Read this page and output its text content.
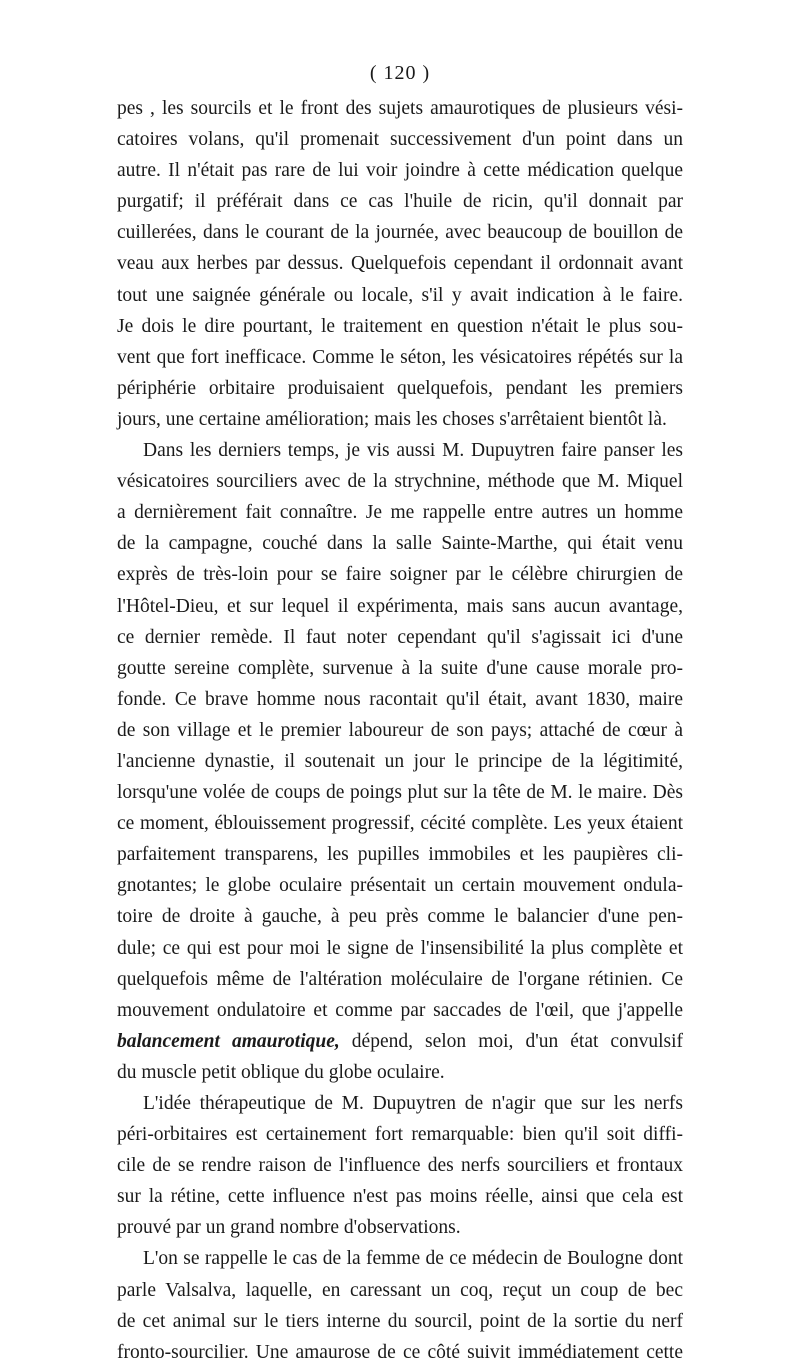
( 120 )
pes , les sourcils et le front des sujets amaurotiques de plusieurs vési-
catoires volans, qu'il promenait successivement d'un point dans un
autre. Il n'était pas rare de lui voir joindre à cette médication quelque
purgatif; il préférait dans ce cas l'huile de ricin, qu'il donnait par
cuillerées, dans le courant de la journée, avec beaucoup de bouillon de
veau aux herbes par dessus. Quelquefois cependant il ordonnait avant
tout une saignée générale ou locale, s'il y avait indication à le faire.
Je dois le dire pourtant, le traitement en question n'était le plus sou-
vent que fort inefficace. Comme le séton, les vésicatoires répétés sur la
périphérie orbitaire produisaient quelquefois, pendant les premiers
jours, une certaine amélioration; mais les choses s'arrêtaient bientôt là.
Dans les derniers temps, je vis aussi M. Dupuytren faire panser les
vésicatoires sourciliers avec de la strychnine, méthode que M. Miquel
a dernièrement fait connaître. Je me rappelle entre autres un homme
de la campagne, couché dans la salle Sainte-Marthe, qui était venu
exprès de très-loin pour se faire soigner par le célèbre chirurgien de
l'Hôtel-Dieu, et sur lequel il expérimenta, mais sans aucun avantage,
ce dernier remède. Il faut noter cependant qu'il s'agissait ici d'une
goutte sereine complète, survenue à la suite d'une cause morale pro-
fonde. Ce brave homme nous racontait qu'il était, avant 1830, maire
de son village et le premier laboureur de son pays; attaché de cœur à
l'ancienne dynastie, il soutenait un jour le principe de la légitimité,
lorsqu'une volée de coups de poings plut sur la tête de M. le maire. Dès
ce moment, éblouissement progressif, cécité complète. Les yeux étaient
parfaitement transparens, les pupilles immobiles et les paupières cli-
gnotantes; le globe oculaire présentait un certain mouvement ondula-
toire de droite à gauche, à peu près comme le balancier d'une pen-
dule; ce qui est pour moi le signe de l'insensibilité la plus complète et
quelquefois même de l'altération moléculaire de l'organe rétinien. Ce
mouvement ondulatoire et comme par saccades de l'œil, que j'appelle
balancement amaurotique, dépend, selon moi, d'un état convulsif
du muscle petit oblique du globe oculaire.
L'idée thérapeutique de M. Dupuytren de n'agir que sur les nerfs
péri-orbitaires est certainement fort remarquable: bien qu'il soit diffi-
cile de se rendre raison de l'influence des nerfs sourciliers et frontaux
sur la rétine, cette influence n'est pas moins réelle, ainsi que cela est
prouvé par un grand nombre d'observations.
L'on se rappelle le cas de la femme de ce médecin de Boulogne dont
parle Valsalva, laquelle, en caressant un coq, reçut un coup de bec
de cet animal sur le tiers interne du sourcil, point de la sortie du nerf
fronto-sourcilier. Une amaurose de ce côté suivit immédiatement cette
